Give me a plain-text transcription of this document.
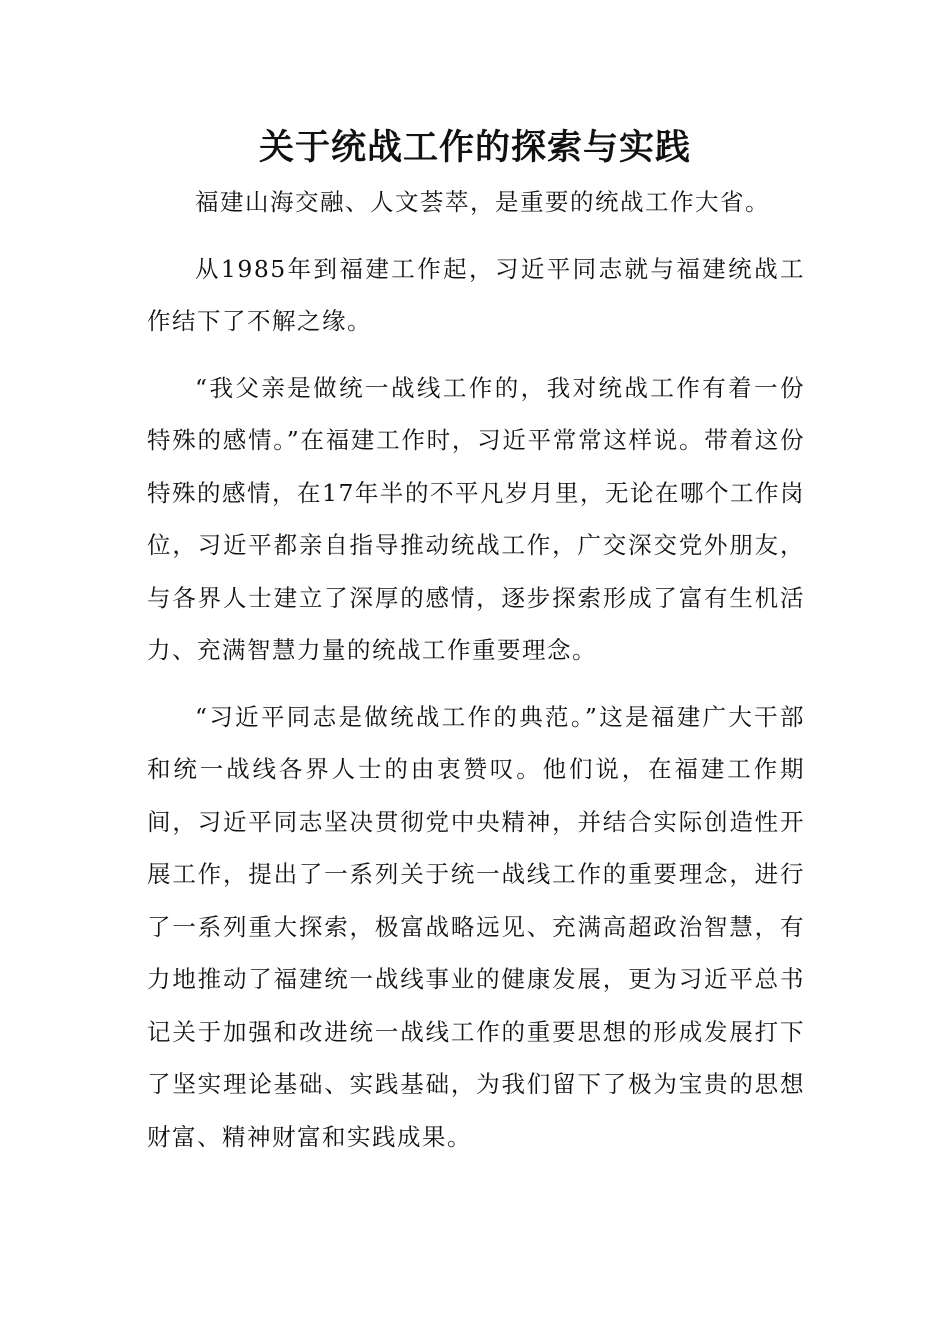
关于统战工作的探索与实践

福建山海交融、人文荟萃，是重要的统战工作大省。

从1985年到福建工作起，习近平同志就与福建统战工作结下了不解之缘。

“我父亲是做统一战线工作的，我对统战工作有着一份特殊的感情。”在福建工作时，习近平常常这样说。带着这份特殊的感情，在17年半的不平凡岁月里，无论在哪个工作岗位，习近平都亲自指导推动统战工作，广交深交党外朋友，与各界人士建立了深厚的感情，逐步探索形成了富有生机活力、充满智慧力量的统战工作重要理念。

“习近平同志是做统战工作的典范。”这是福建广大干部和统一战线各界人士的由衷赞叹。他们说，在福建工作期间，习近平同志坚决贯彻党中央精神，并结合实际创造性开展工作，提出了一系列关于统一战线工作的重要理念，进行了一系列重大探索，极富战略远见、充满高超政治智慧，有力地推动了福建统一战线事业的健康发展，更为习近平总书记关于加强和改进统一战线工作的重要思想的形成发展打下了坚实理论基础、实践基础，为我们留下了极为宝贵的思想财富、精神财富和实践成果。
